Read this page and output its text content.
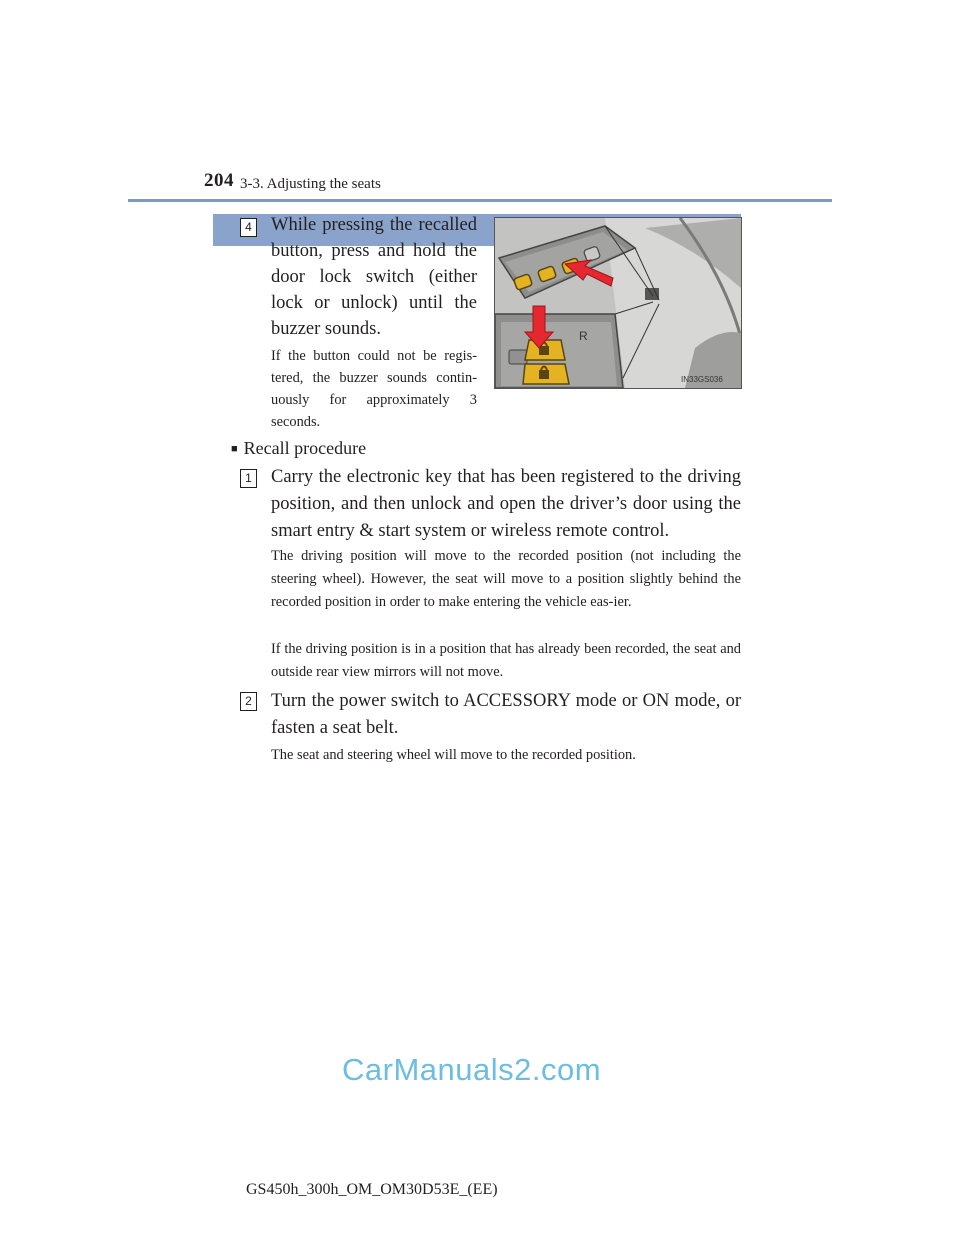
204 3-3. Adjusting the seats
4 While pressing the recalled button, press and hold the door lock switch (either lock or unlock) until the buzzer sounds.
If the button could not be regis-tered, the buzzer sounds contin-uously for approximately 3 seconds.
R
IN33GS036
■ Recall procedure
1 Carry the electronic key that has been registered to the driving position, and then unlock and open the driver’s door using the smart entry & start system or wireless remote control.
The driving position will move to the recorded position (not including the steering wheel). However, the seat will move to a position slightly behind the recorded position in order to make entering the vehicle eas-ier.
If the driving position is in a position that has already been recorded, the seat and outside rear view mirrors will not move.
2 Turn the power switch to ACCESSORY mode or ON mode, or fasten a seat belt.
The seat and steering wheel will move to the recorded position.
CarManuals2.com
GS450h_300h_OM_OM30D53E_(EE)
